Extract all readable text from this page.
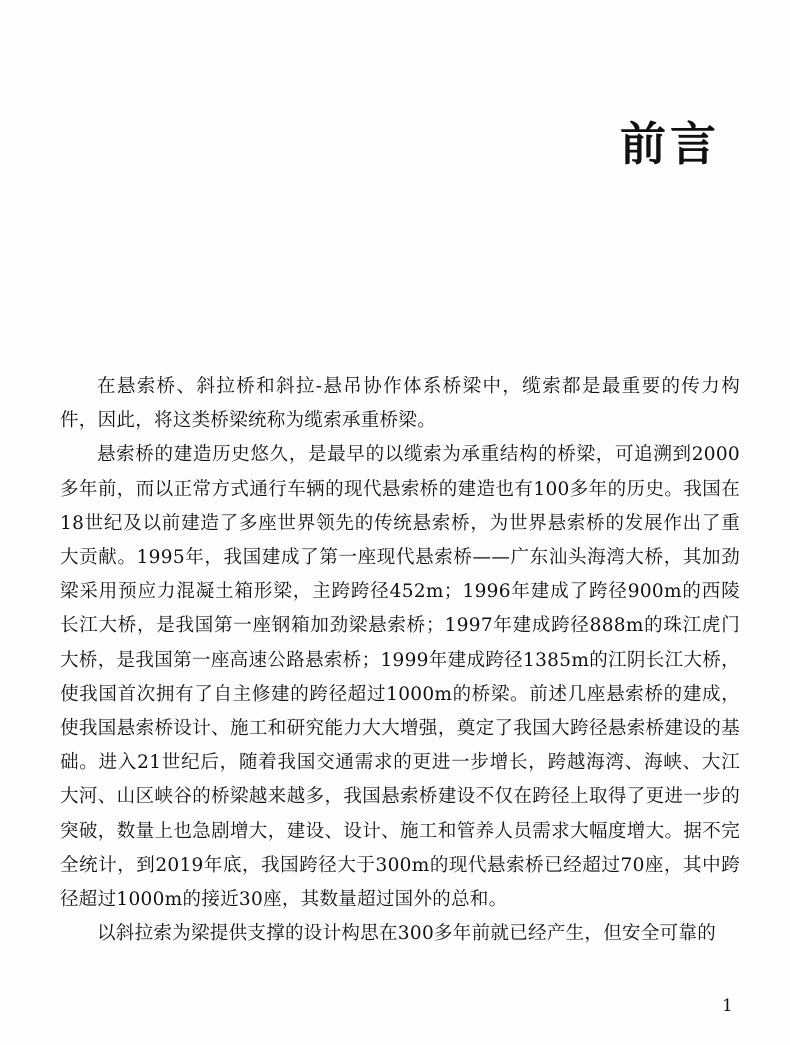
前言

在悬索桥、斜拉桥和斜拉-悬吊协作体系桥梁中，缆索都是最重要的传力构件，因此，将这类桥梁统称为缆索承重桥梁。

悬索桥的建造历史悠久，是最早的以缆索为承重结构的桥梁，可追溯到2000多年前，而以正常方式通行车辆的现代悬索桥的建造也有100多年的历史。我国在18世纪及以前建造了多座世界领先的传统悬索桥，为世界悬索桥的发展作出了重大贡献。1995年，我国建成了第一座现代悬索桥——广东汕头海湾大桥，其加劲梁采用预应力混凝土箱形梁，主跨跨径452m；1996年建成了跨径900m的西陵长江大桥，是我国第一座钢箱加劲梁悬索桥；1997年建成跨径888m的珠江虎门大桥，是我国第一座高速公路悬索桥；1999年建成跨径1385m的江阴长江大桥，使我国首次拥有了自主修建的跨径超过1000m的桥梁。前述几座悬索桥的建成，使我国悬索桥设计、施工和研究能力大大增强，奠定了我国大跨径悬索桥建设的基础。进入21世纪后，随着我国交通需求的更进一步增长，跨越海湾、海峡、大江大河、山区峡谷的桥梁越来越多，我国悬索桥建设不仅在跨径上取得了更进一步的突破，数量上也急剧增大，建设、设计、施工和管养人员需求大幅度增大。据不完全统计，到2019年底，我国跨径大于300m的现代悬索桥已经超过70座，其中跨径超过1000m的接近30座，其数量超过国外的总和。

以斜拉索为梁提供支撑的设计构思在300多年前就已经产生，但安全可靠的

1
